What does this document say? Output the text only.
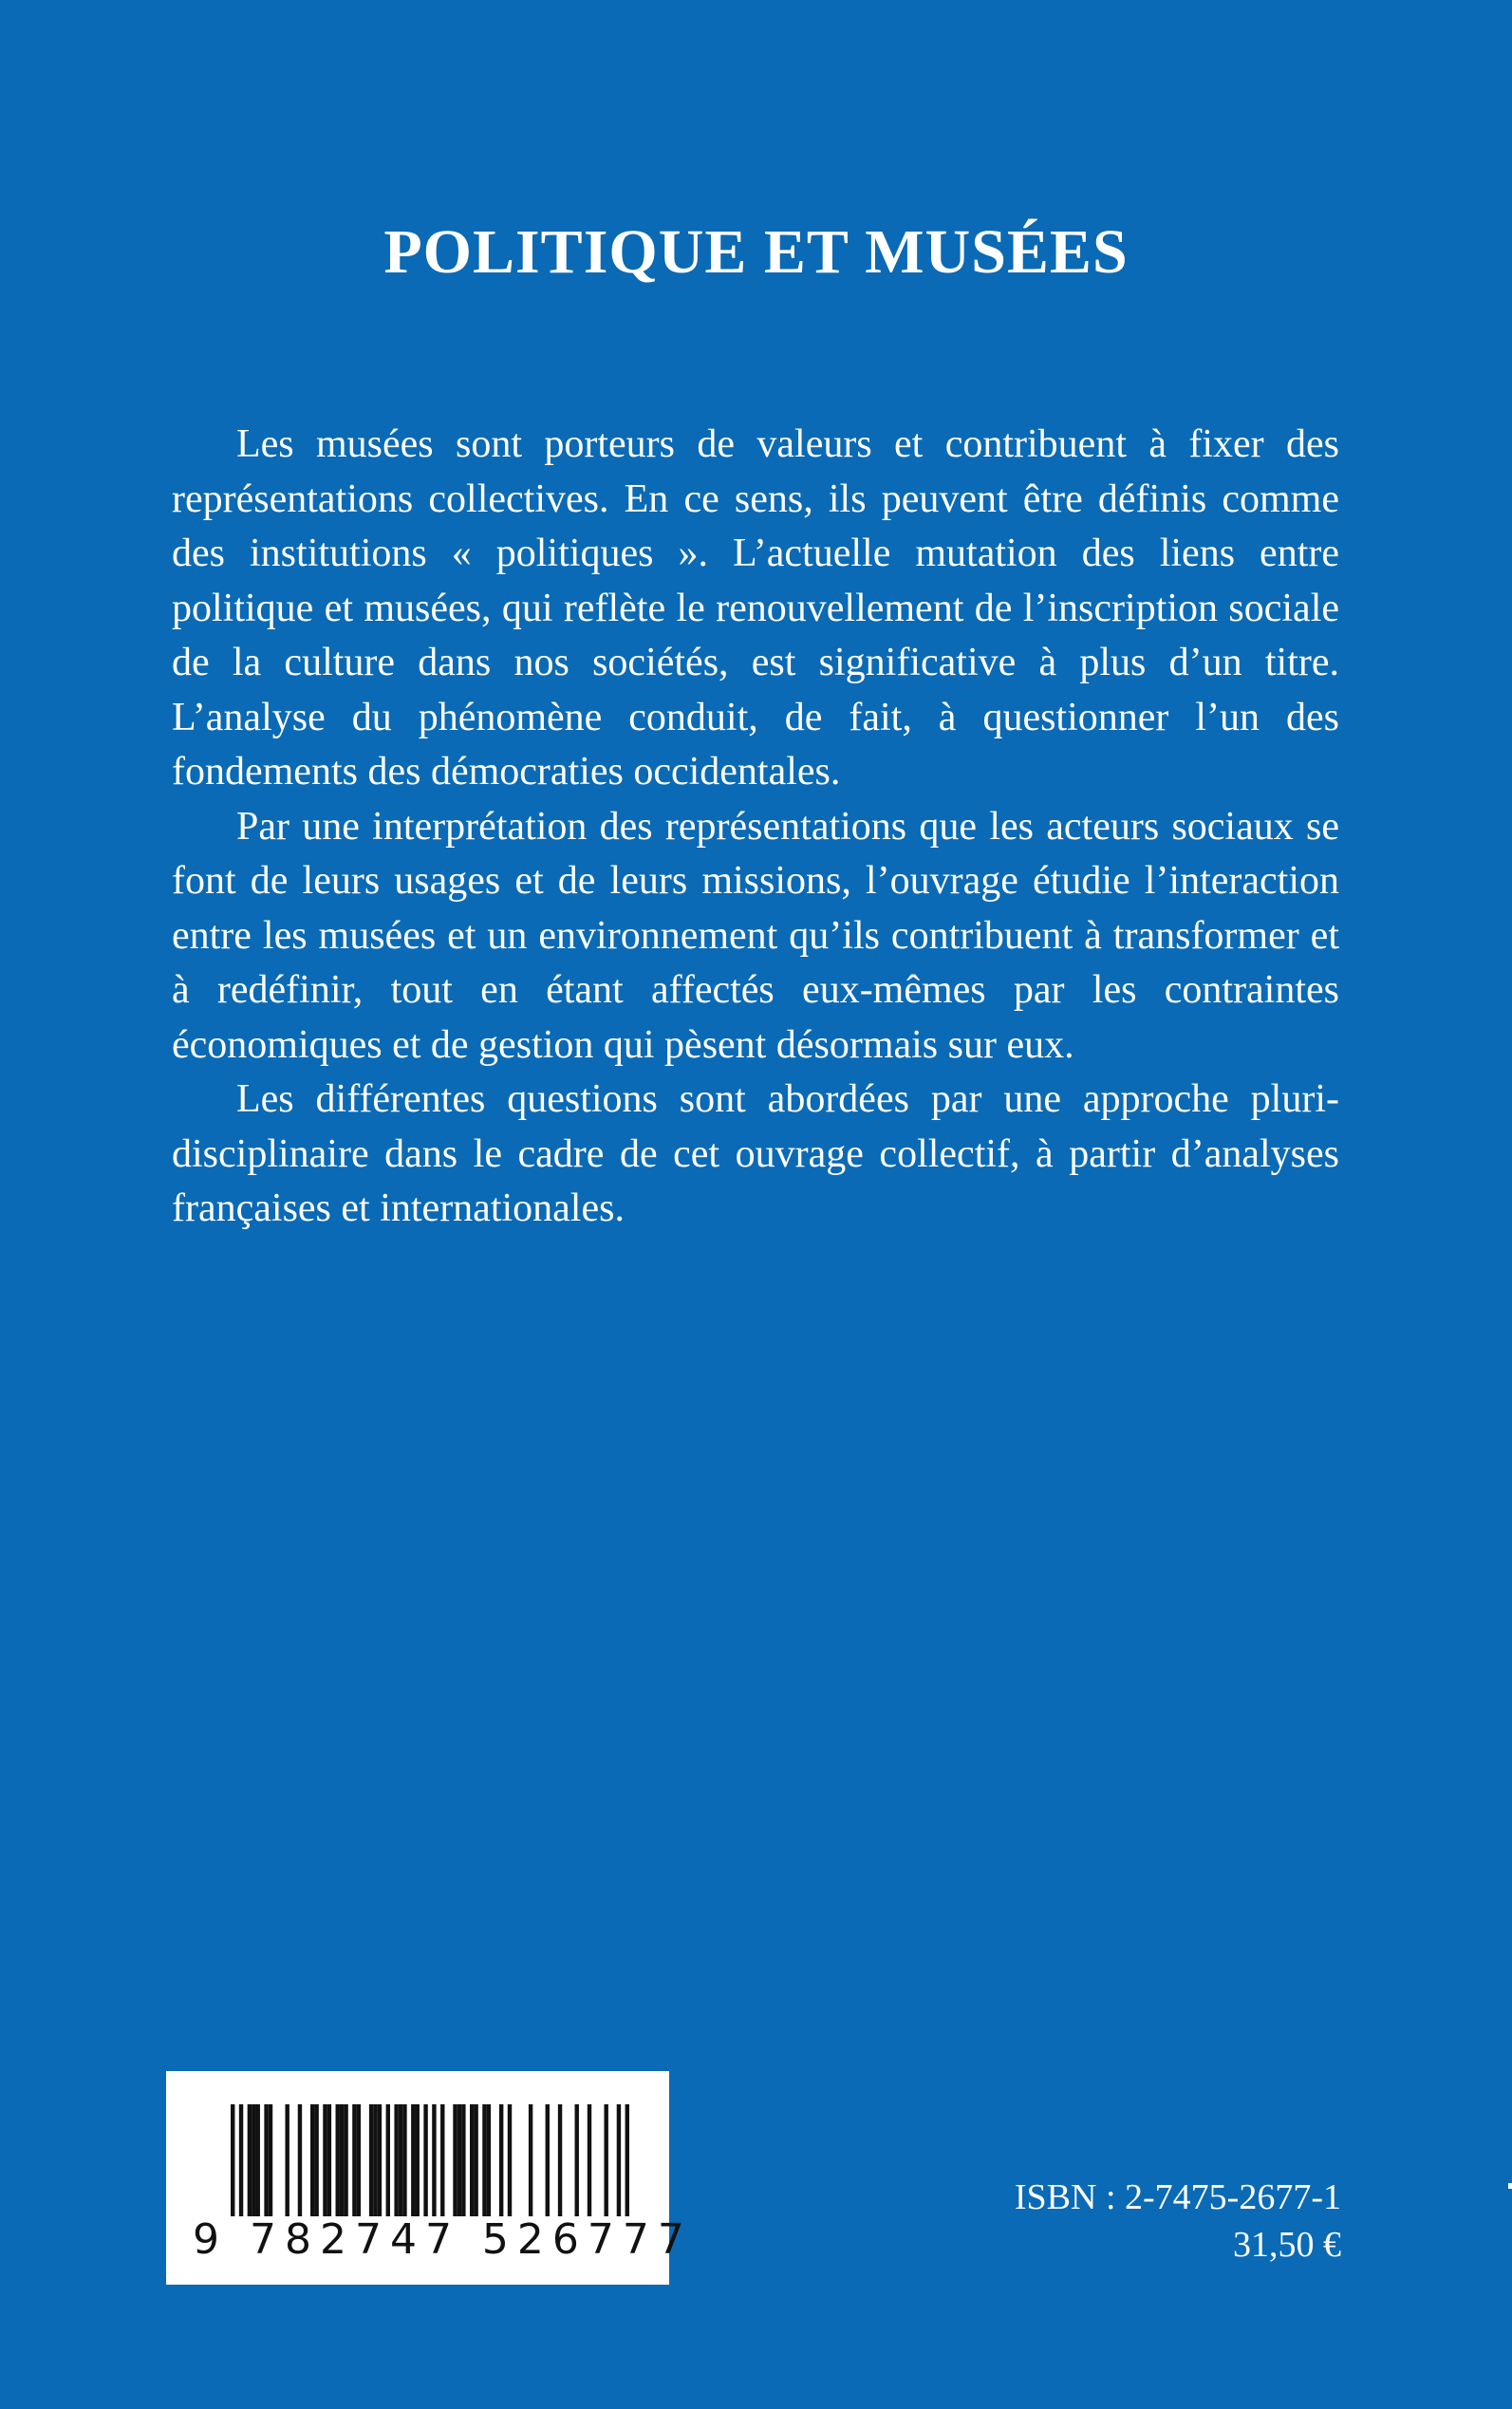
POLITIQUE ET MUSÉES

Les musées sont porteurs de valeurs et contribuent à fixer des représentations collectives. En ce sens, ils peuvent être définis comme des institutions « politiques ». L’actuelle mutation des liens entre politique et musées, qui reflète le renouvellement de l’inscription sociale de la culture dans nos sociétés, est significative à plus d’un titre. L’analyse du phénomène conduit, de fait, à questionner l’un des fondements des démocraties occidentales.

Par une interprétation des représentations que les acteurs sociaux se font de leurs usages et de leurs missions, l’ouvrage étudie l’interaction entre les musées et un environnement qu’ils contribuent à transformer et à redéfinir, tout en étant affectés eux-mêmes par les contraintes économiques et de gestion qui pèsent désormais sur eux.

Les différentes questions sont abordées par une approche pluridisciplinaire dans le cadre de cet ouvrage collectif, à partir d’analyses françaises et internationales.

9 782747 526777
ISBN : 2-7475-2677-1
31,50 €
